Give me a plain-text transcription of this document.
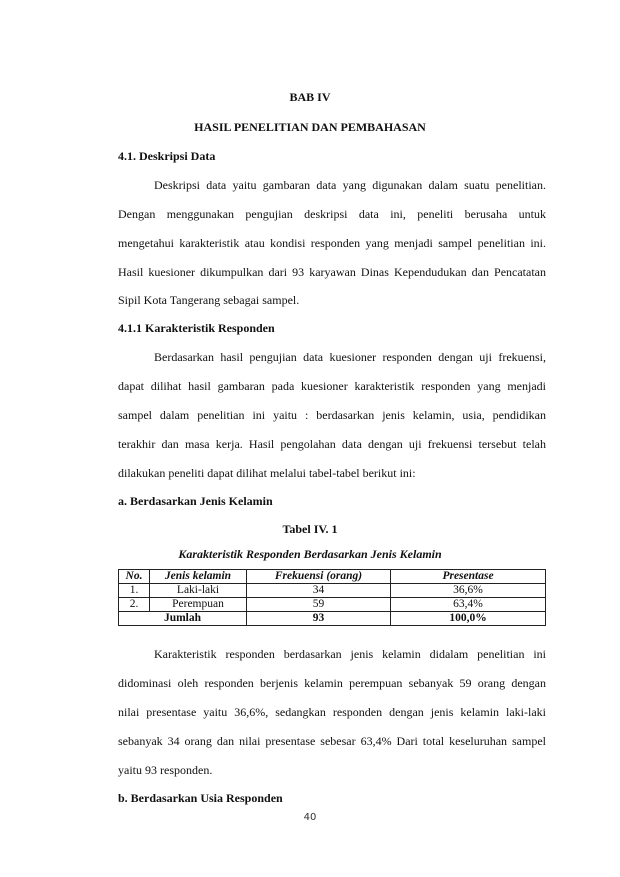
BAB IV
HASIL PENELITIAN DAN PEMBAHASAN
4.1. Deskripsi Data
Deskripsi data yaitu gambaran data yang digunakan dalam suatu penelitian.
Dengan menggunakan pengujian deskripsi data ini, peneliti berusaha untuk
mengetahui karakteristik atau kondisi responden yang menjadi sampel penelitian ini.
Hasil kuesioner dikumpulkan dari 93 karyawan Dinas Kependudukan dan Pencatatan
Sipil Kota Tangerang sebagai sampel.
4.1.1 Karakteristik Responden
Berdasarkan hasil pengujian data kuesioner responden dengan uji frekuensi,
dapat dilihat hasil gambaran pada kuesioner karakteristik responden yang menjadi
sampel dalam penelitian ini yaitu : berdasarkan jenis kelamin, usia, pendidikan
terakhir dan masa kerja. Hasil pengolahan data dengan uji frekuensi tersebut telah
dilakukan peneliti dapat dilihat melalui tabel-tabel berikut ini:
a. Berdasarkan Jenis Kelamin
Tabel IV. 1
Karakteristik Responden Berdasarkan Jenis Kelamin
No.	Jenis kelamin	Frekuensi (orang)	Presentase
1.	Laki-laki	34	36,6%
2.	Perempuan	59	63,4%
Jumlah		93	100,0%
Karakteristik responden berdasarkan jenis kelamin didalam penelitian ini
didominasi oleh responden berjenis kelamin perempuan sebanyak 59 orang dengan
nilai presentase yaitu 36,6%, sedangkan responden dengan jenis kelamin laki-laki
sebanyak 34 orang dan nilai presentase sebesar 63,4% Dari total keseluruhan sampel
yaitu 93 responden.
b. Berdasarkan Usia Responden
40
